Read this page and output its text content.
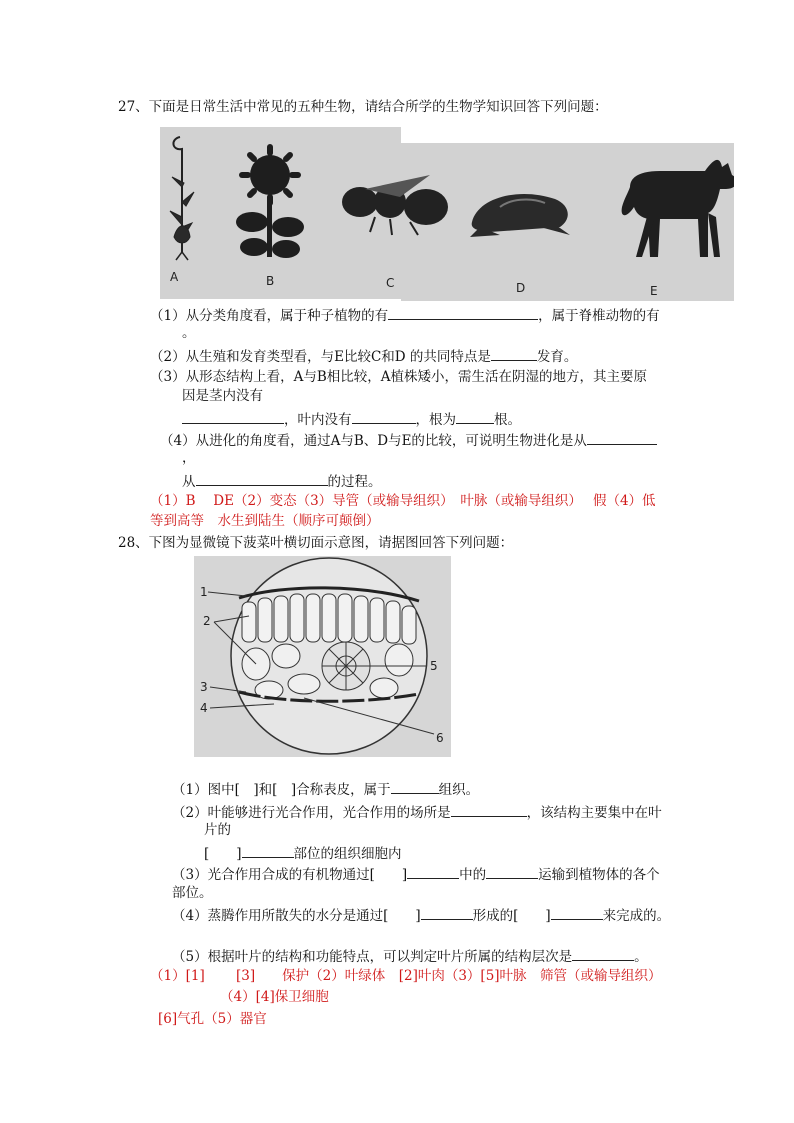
27、下面是日常生活中常见的五种生物，请结合所学的生物学知识回答下列问题：
A	B	C	D	E
（1）从分类角度看，属于种子植物的有	，属于脊椎动物的有
。
（2）从生殖和发育类型看，与E比较C和D 的共同特点是	发育。
（3）从形态结构上看，A与B相比较，A植株矮小，需生活在阴湿的地方，其主要原
因是茎内没有
，叶内没有	，根为	根。
（4）从进化的角度看，通过A与B、D与E的比较，可说明生物进化是从
，
从	的过程。
（1）B　 DE（2）变态（3）导管（或输导组织）　叶脉（或输导组织）　 假（4）低
等到高等　水生到陆生（顺序可颠倒）
28、下图为显微镜下菠菜叶横切面示意图，请据图回答下列问题：
1
2
3
4
5
6
（1）图中[　]和[　]合称表皮，属于	组织。
（2）叶能够进行光合作用，光合作用的场所是	，该结构主要集中在叶
片的
[　　]	部位的组织细胞内
（3）光合作用合成的有机物通过[　　]	中的	运输到植物体的各个
部位。
（4）蒸腾作用所散失的水分是通过[　　]	形成的[　　]	来完成的。
（5）根据叶片的结构和功能特点，可以判定叶片所属的结构层次是	。
（1）[1]　　 [3]　　保护（2）叶绿体　[2]叶肉（3）[5]叶脉　筛管（或输导组织）
（4）[4]保卫细胞
[6]气孔（5）器官
